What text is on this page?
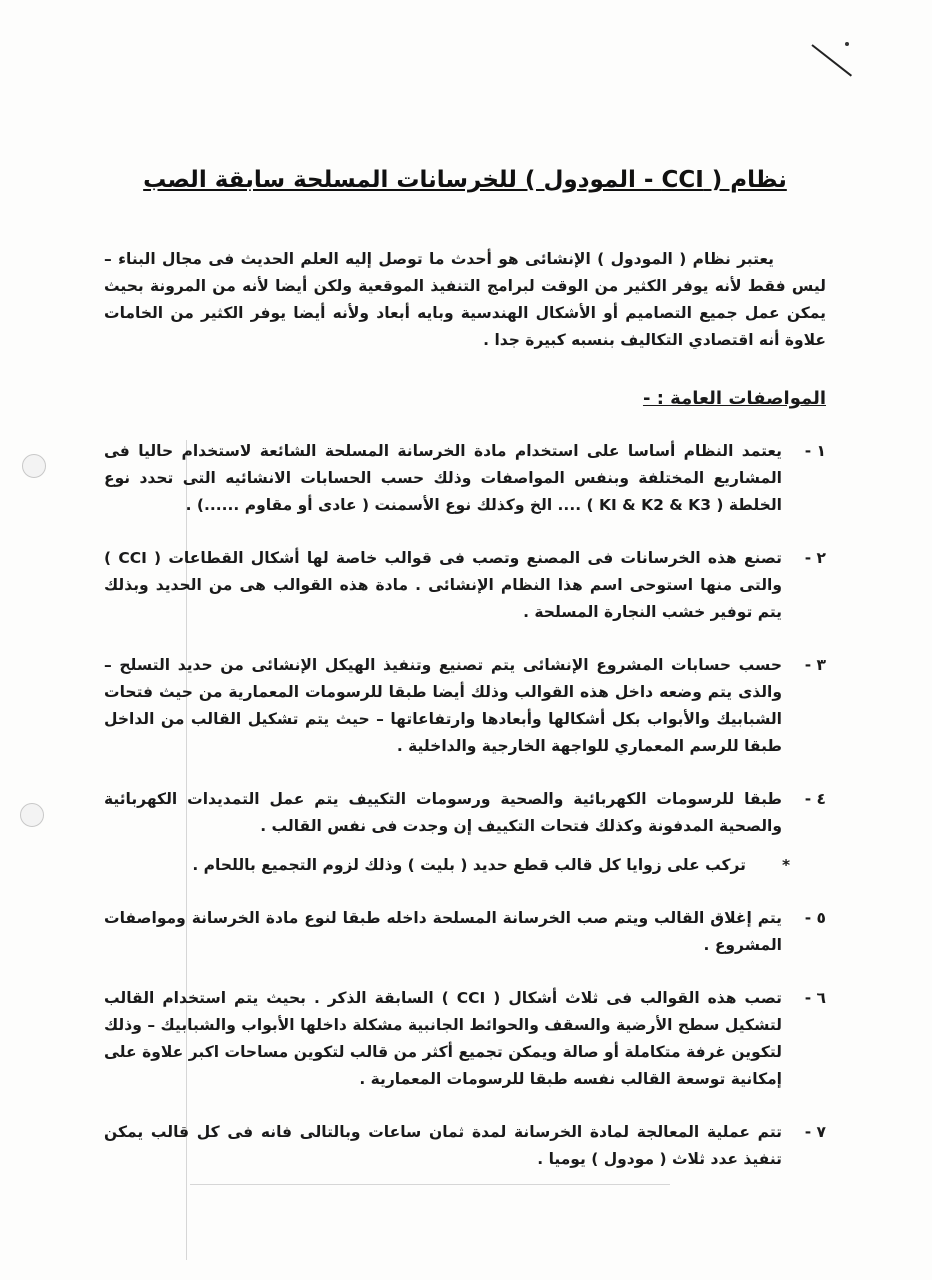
نظام ( CCI - المودول ) للخرسانات المسلحة سابقة الصب

يعتبر نظام ( المودول ) الإنشائى هو أحدث ما توصل إليه العلم الحديث فى مجال البناء – ليس فقط لأنه يوفر الكثير من الوقت لبرامج التنفيذ الموقعية ولكن أيضا لأنه من المرونة بحيث يمكن عمل جميع التصاميم أو الأشكال الهندسية وبايه أبعاد ولأنه أيضا يوفر الكثير من الخامات علاوة أنه اقتصادي التكاليف بنسبه كبيرة جدا .

المواصفات العامة : -
١ -
يعتمد النظام أساسا على استخدام مادة الخرسانة المسلحة الشائعة لاستخدام حاليا فى المشاريع المختلفة وبنفس المواصفات وذلك حسب الحسابات الانشائيه التى تحدد نوع الخلطة ( KI & K2 & K3 ) .... الخ وكذلك نوع الأسمنت ( عادى أو مقاوم ......) .
٢ -
تصنع هذه الخرسانات فى المصنع وتصب فى قوالب خاصة لها أشكال القطاعات ( CCI ) والتى منها استوحى اسم هذا النظام الإنشائى . مادة هذه القوالب هى من الحديد وبذلك يتم توفير خشب النجارة المسلحة .
٣ -
حسب حسابات المشروع الإنشائى يتم تصنيع وتنفيذ الهيكل الإنشائى من حديد التسلح – والذى يتم وضعه داخل هذه القوالب وذلك أيضا طبقا للرسومات المعمارية من حيث فتحات الشبابيك والأبواب بكل أشكالها وأبعادها وارتفاعاتها – حيث يتم تشكيل القالب من الداخل طبقا للرسم المعماري للواجهة الخارجية والداخلية .
٤ -
طبقا للرسومات الكهربائية والصحية ورسومات التكييف يتم عمل التمديدات الكهربائية والصحية المدفونة وكذلك فتحات التكييف إن وجدت فى نفس القالب .
*
تركب على زوايا كل قالب قطع حديد ( بليت ) وذلك لزوم التجميع باللحام .
٥ -
يتم إغلاق القالب ويتم صب الخرسانة المسلحة داخله طبقا لنوع مادة الخرسانة ومواصفات المشروع .
٦ -
تصب هذه القوالب فى ثلاث أشكال ( CCI ) السابقة الذكر . بحيث يتم استخدام القالب لتشكيل سطح الأرضية والسقف والحوائط الجانبية مشكلة داخلها الأبواب والشبابيك – وذلك لتكوين غرفة متكاملة أو صالة ويمكن تجميع أكثر من قالب لتكوين مساحات اكبر علاوة على إمكانية توسعة القالب نفسه طبقا للرسومات المعمارية .
٧ -
تتم عملية المعالجة لمادة الخرسانة لمدة ثمان ساعات وبالتالى فانه فى كل قالب يمكن تنفيذ عدد ثلاث ( مودول ) يوميا .
